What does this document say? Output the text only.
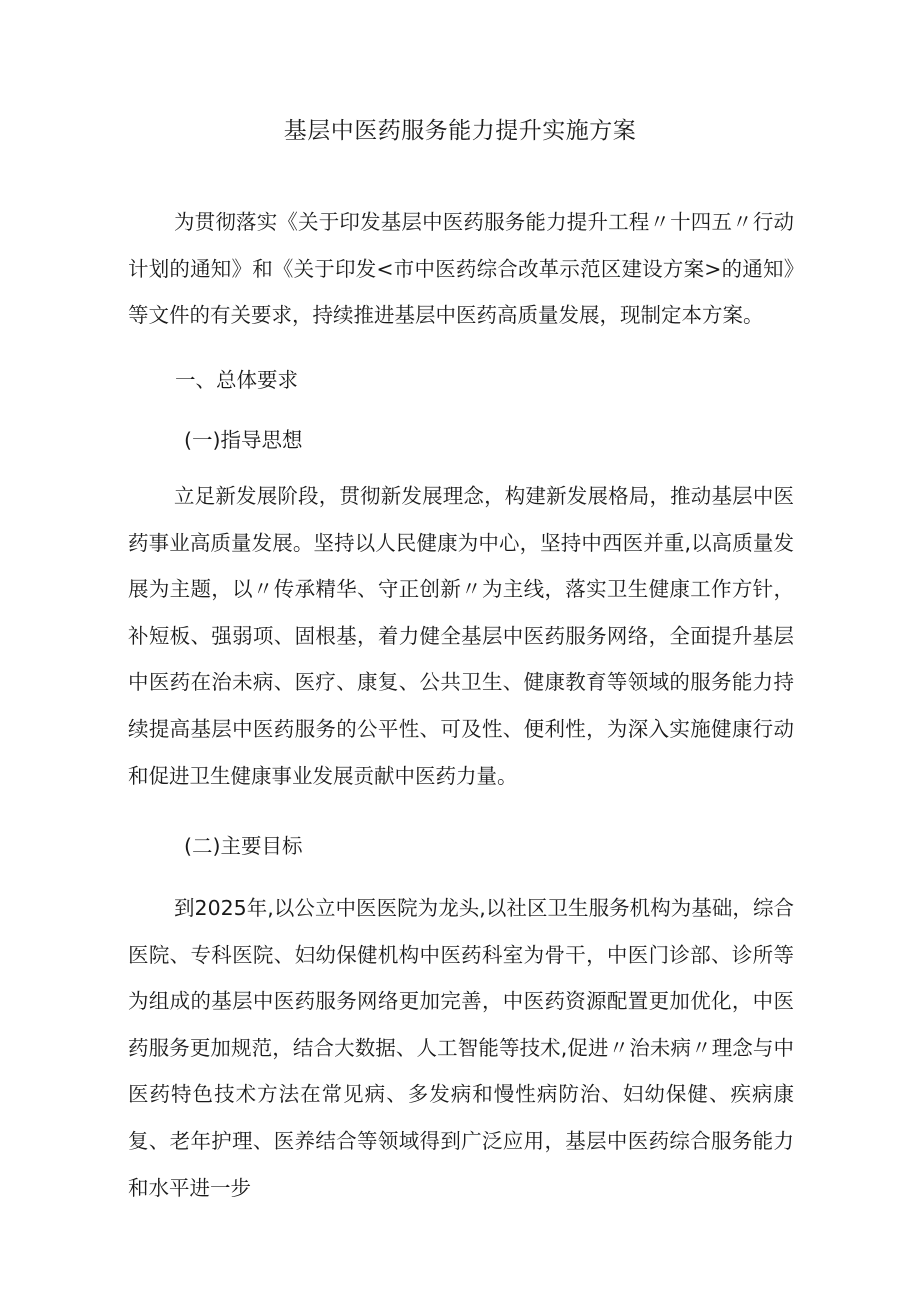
基层中医药服务能力提升实施方案

为贯彻落实《关于印发基层中医药服务能力提升工程〃十四五〃行动计划的通知》和《关于印发<市中医药综合改革示范区建设方案>的通知》等文件的有关要求，持续推进基层中医药高质量发展，现制定本方案。

一、总体要求
(一)指导思想

立足新发展阶段，贯彻新发展理念，构建新发展格局，推动基层中医药事业高质量发展。坚持以人民健康为中心，坚持中西医并重,以高质量发展为主题，以〃传承精华、守正创新〃为主线，落实卫生健康工作方针，补短板、强弱项、固根基，着力健全基层中医药服务网络，全面提升基层中医药在治未病、医疗、康复、公共卫生、健康教育等领域的服务能力持续提高基层中医药服务的公平性、可及性、便利性，为深入实施健康行动和促进卫生健康事业发展贡献中医药力量。

(二)主要目标

到2025年,以公立中医医院为龙头,以社区卫生服务机构为基础，综合医院、专科医院、妇幼保健机构中医药科室为骨干，中医门诊部、诊所等为组成的基层中医药服务网络更加完善，中医药资源配置更加优化，中医药服务更加规范，结合大数据、人工智能等技术,促进〃治未病〃理念与中医药特色技术方法在常见病、多发病和慢性病防治、妇幼保健、疾病康复、老年护理、医养结合等领域得到广泛应用，基层中医药综合服务能力和水平进一步
